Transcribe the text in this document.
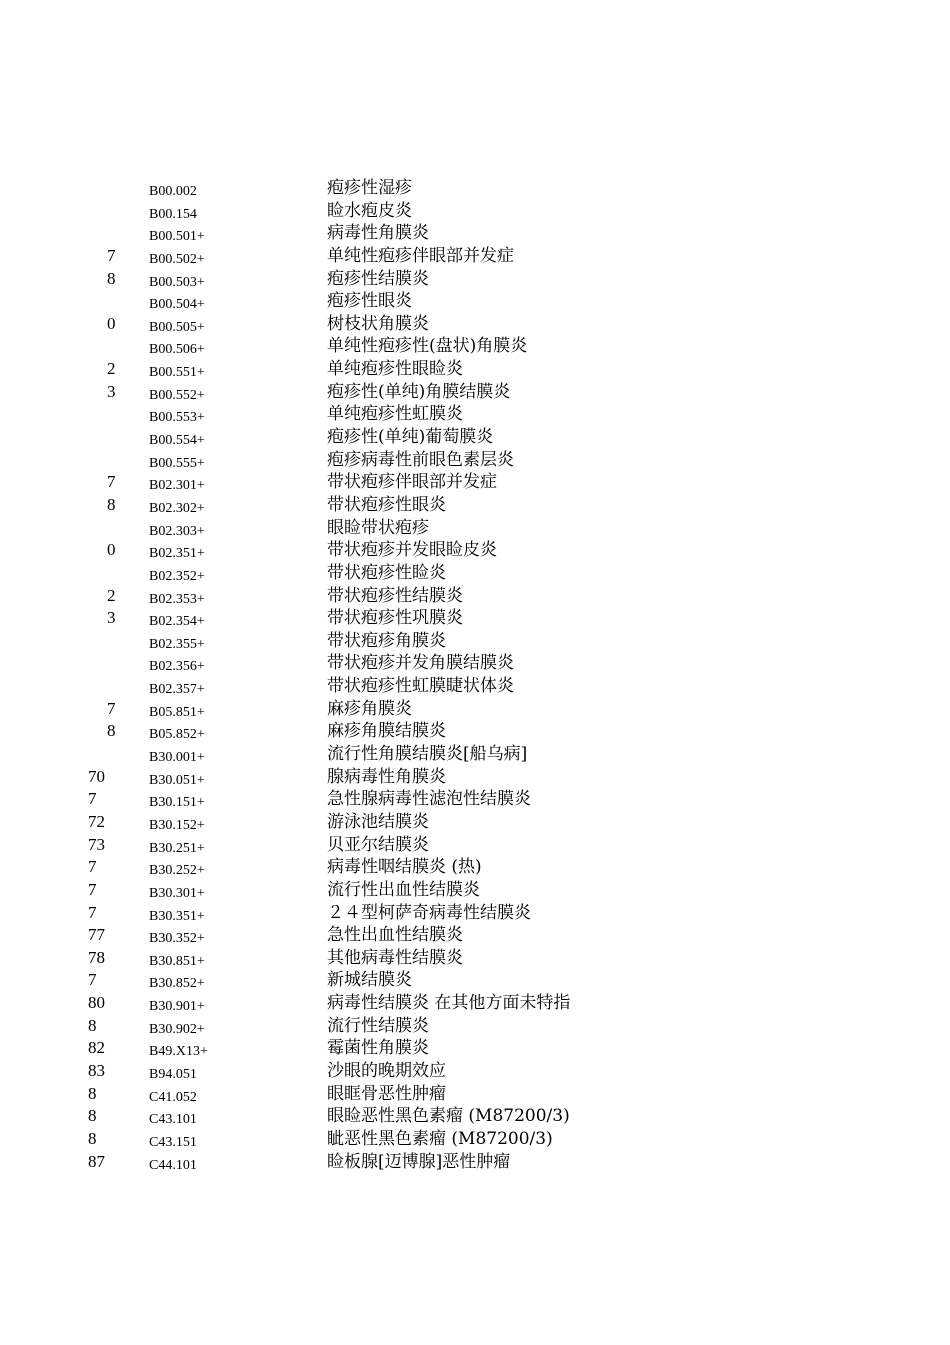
B00.002	疱疹性湿疹
B00.154	睑水疱皮炎
B00.501+	病毒性角膜炎
7	B00.502+	单纯性疱疹伴眼部并发症
8	B00.503+	疱疹性结膜炎
B00.504+	疱疹性眼炎
0	B00.505+	树枝状角膜炎
B00.506+	单纯性疱疹性(盘状)角膜炎
2	B00.551+	单纯疱疹性眼睑炎
3	B00.552+	疱疹性(单纯)角膜结膜炎
B00.553+	单纯疱疹性虹膜炎
B00.554+	疱疹性(单纯)葡萄膜炎
B00.555+	疱疹病毒性前眼色素层炎
7	B02.301+	带状疱疹伴眼部并发症
8	B02.302+	带状疱疹性眼炎
B02.303+	眼睑带状疱疹
0	B02.351+	带状疱疹并发眼睑皮炎
B02.352+	带状疱疹性睑炎
2	B02.353+	带状疱疹性结膜炎
3	B02.354+	带状疱疹性巩膜炎
B02.355+	带状疱疹角膜炎
B02.356+	带状疱疹并发角膜结膜炎
B02.357+	带状疱疹性虹膜睫状体炎
7	B05.851+	麻疹角膜炎
8	B05.852+	麻疹角膜结膜炎
B30.001+	流行性角膜结膜炎[船乌病]
70	B30.051+	腺病毒性角膜炎
7	B30.151+	急性腺病毒性滤泡性结膜炎
72	B30.152+	游泳池结膜炎
73	B30.251+	贝亚尔结膜炎
7	B30.252+	病毒性咽结膜炎 (热)
7	B30.301+	流行性出血性结膜炎
7	B30.351+	２４型柯萨奇病毒性结膜炎
77	B30.352+	急性出血性结膜炎
78	B30.851+	其他病毒性结膜炎
7	B30.852+	新城结膜炎
80	B30.901+	病毒性结膜炎 在其他方面未特指
8	B30.902+	流行性结膜炎
82	B49.X13+	霉菌性角膜炎
83	B94.051	沙眼的晚期效应
8	C41.052	眼眶骨恶性肿瘤
8	C43.101	眼睑恶性黑色素瘤 (M87200/3)
8	C43.151	眦恶性黑色素瘤 (M87200/3)
87	C44.101	睑板腺[迈博腺]恶性肿瘤
